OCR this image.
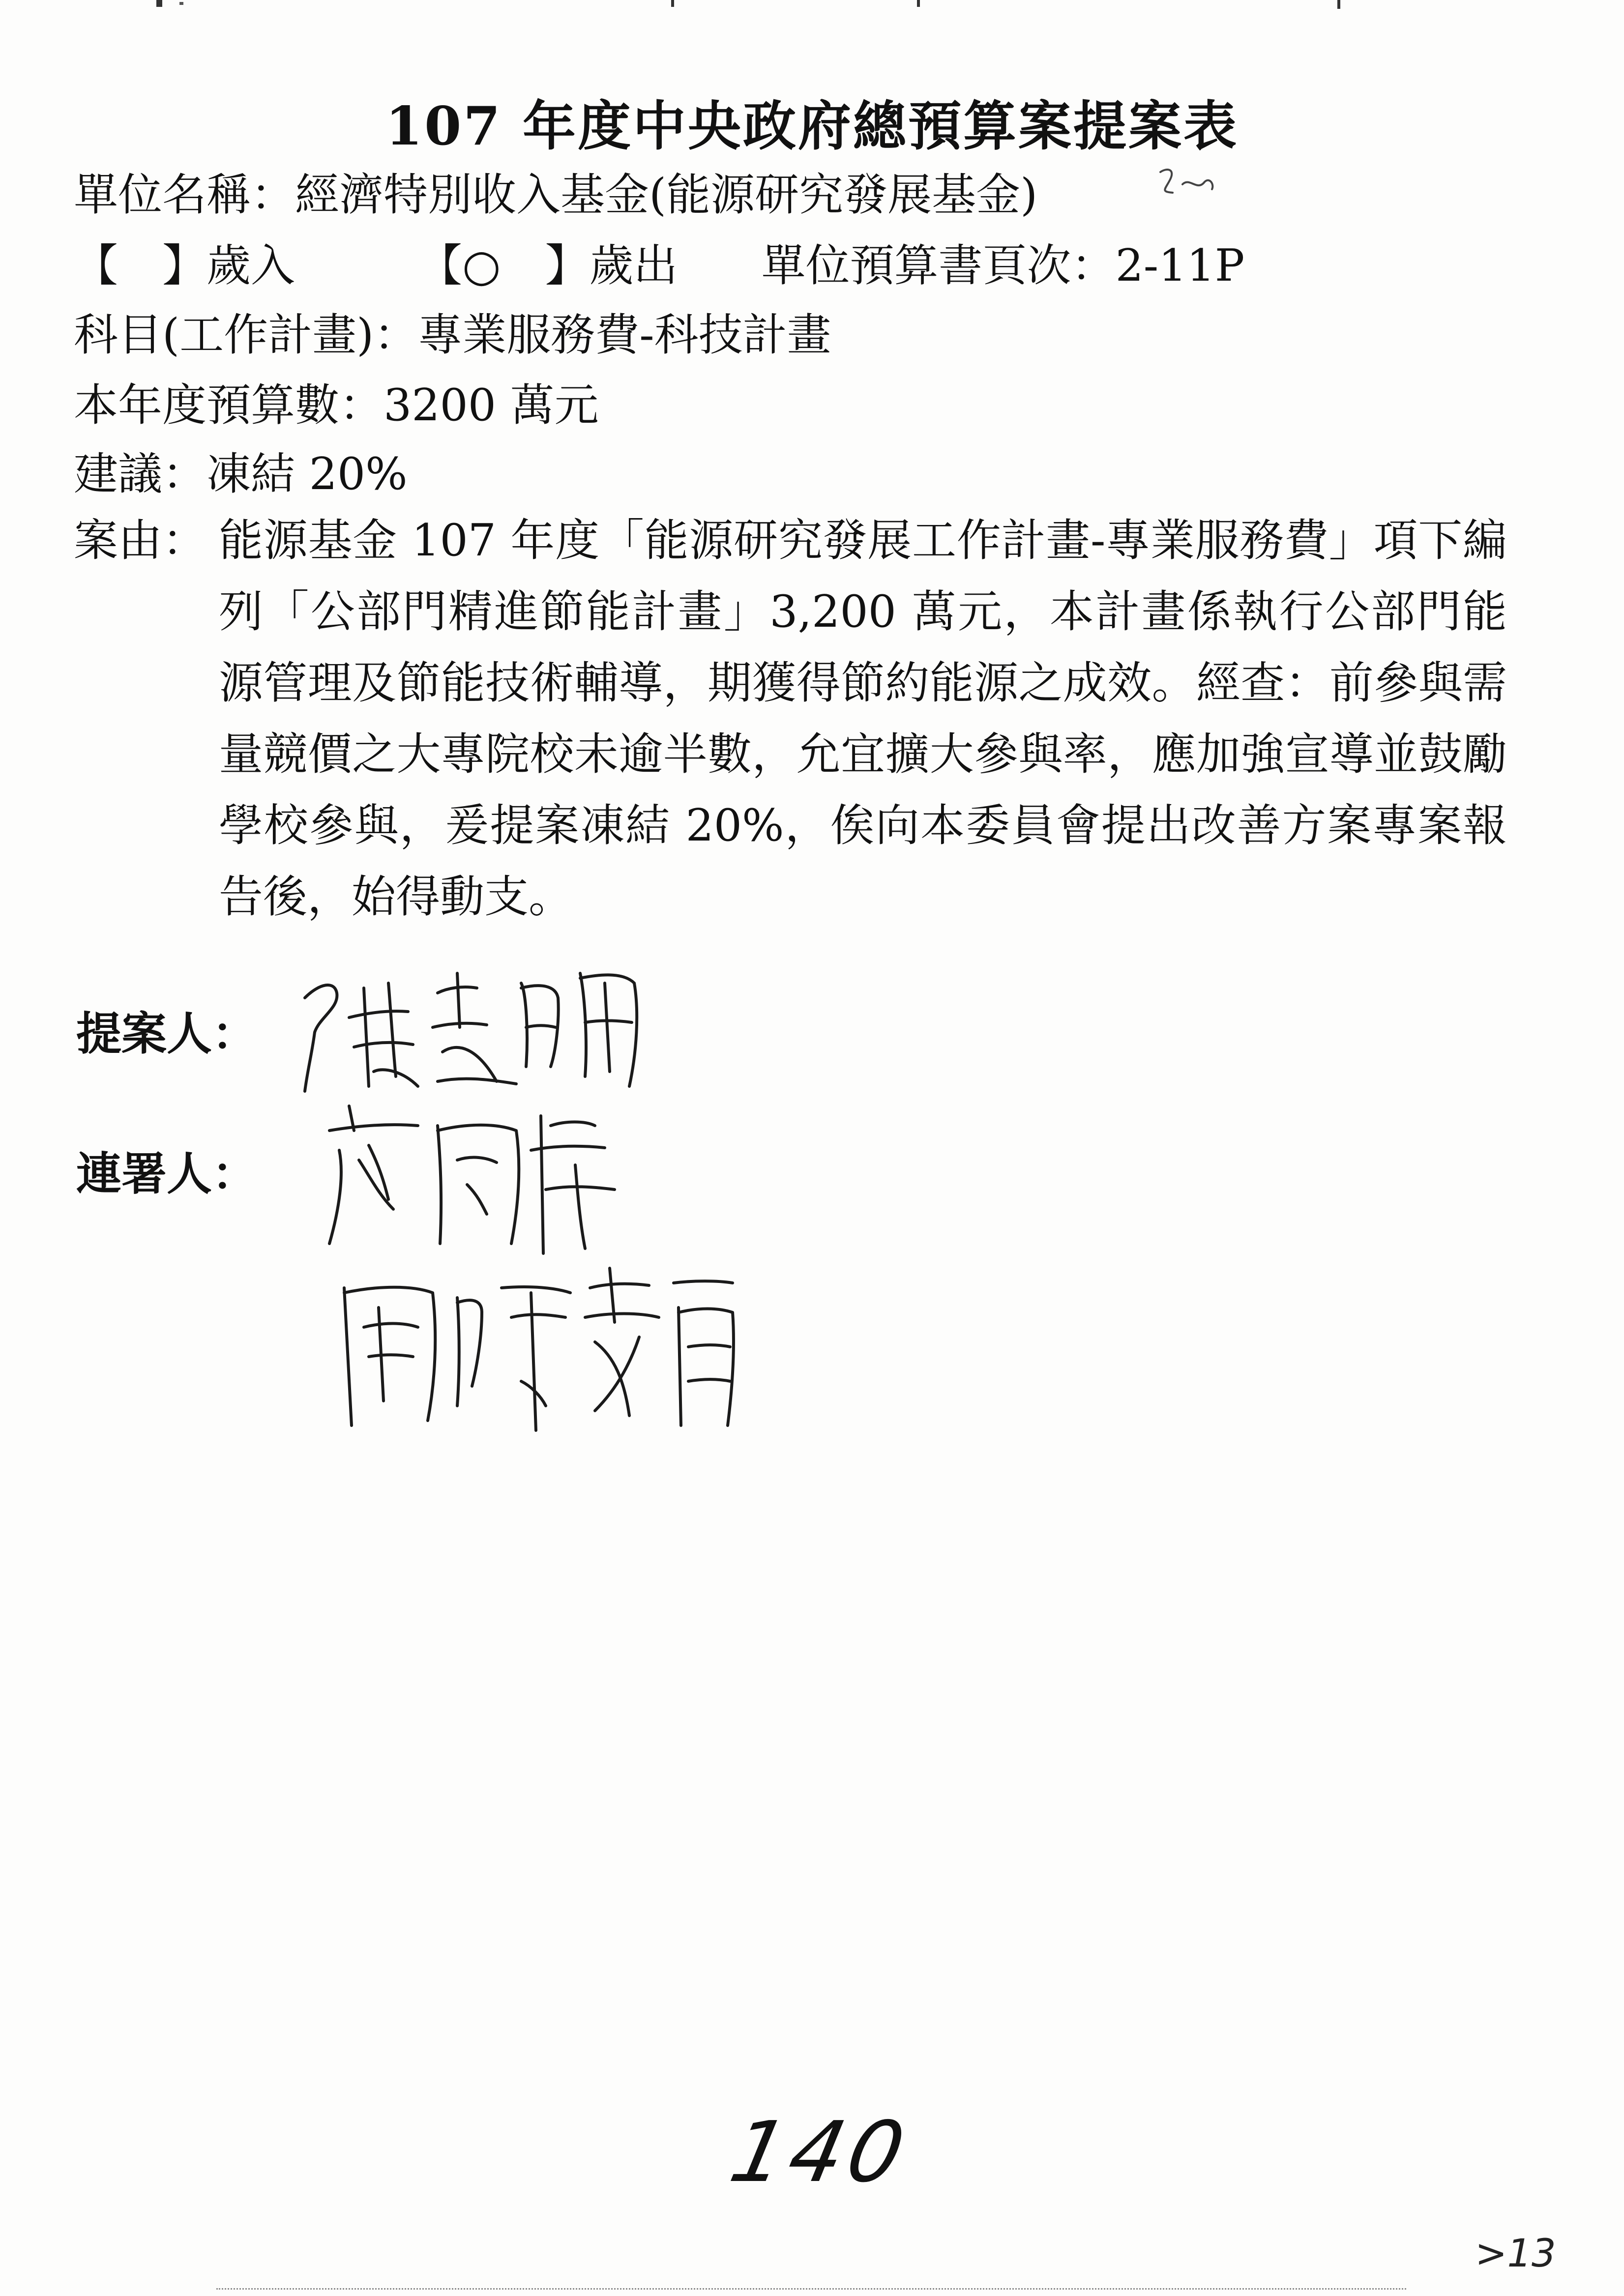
107 年度中央政府總預算案提案表
單位名稱：經濟特別收入基金(能源研究發展基金)
【　】歲入	【○　】歲出 單位預算書頁次：2-11P
科目(工作計畫)：專業服務費-科技計畫
本年度預算數：3200 萬元
建議：凍結 20%
案由： 能源基金 107 年度「能源研究發展工作計畫-專業服務費」項下編列「公部門精進節能計畫」3,200 萬元，本計畫係執行公部門能源管理及節能技術輔導，期獲得節約能源之成效。經查：前參與需量競價之大專院校未逾半數，允宜擴大參與率，應加強宣導並鼓勵學校參與，爰提案凍結 20%，俟向本委員會提出改善方案專案報告後，始得動支。
提案人：
連署人：
140
>13
